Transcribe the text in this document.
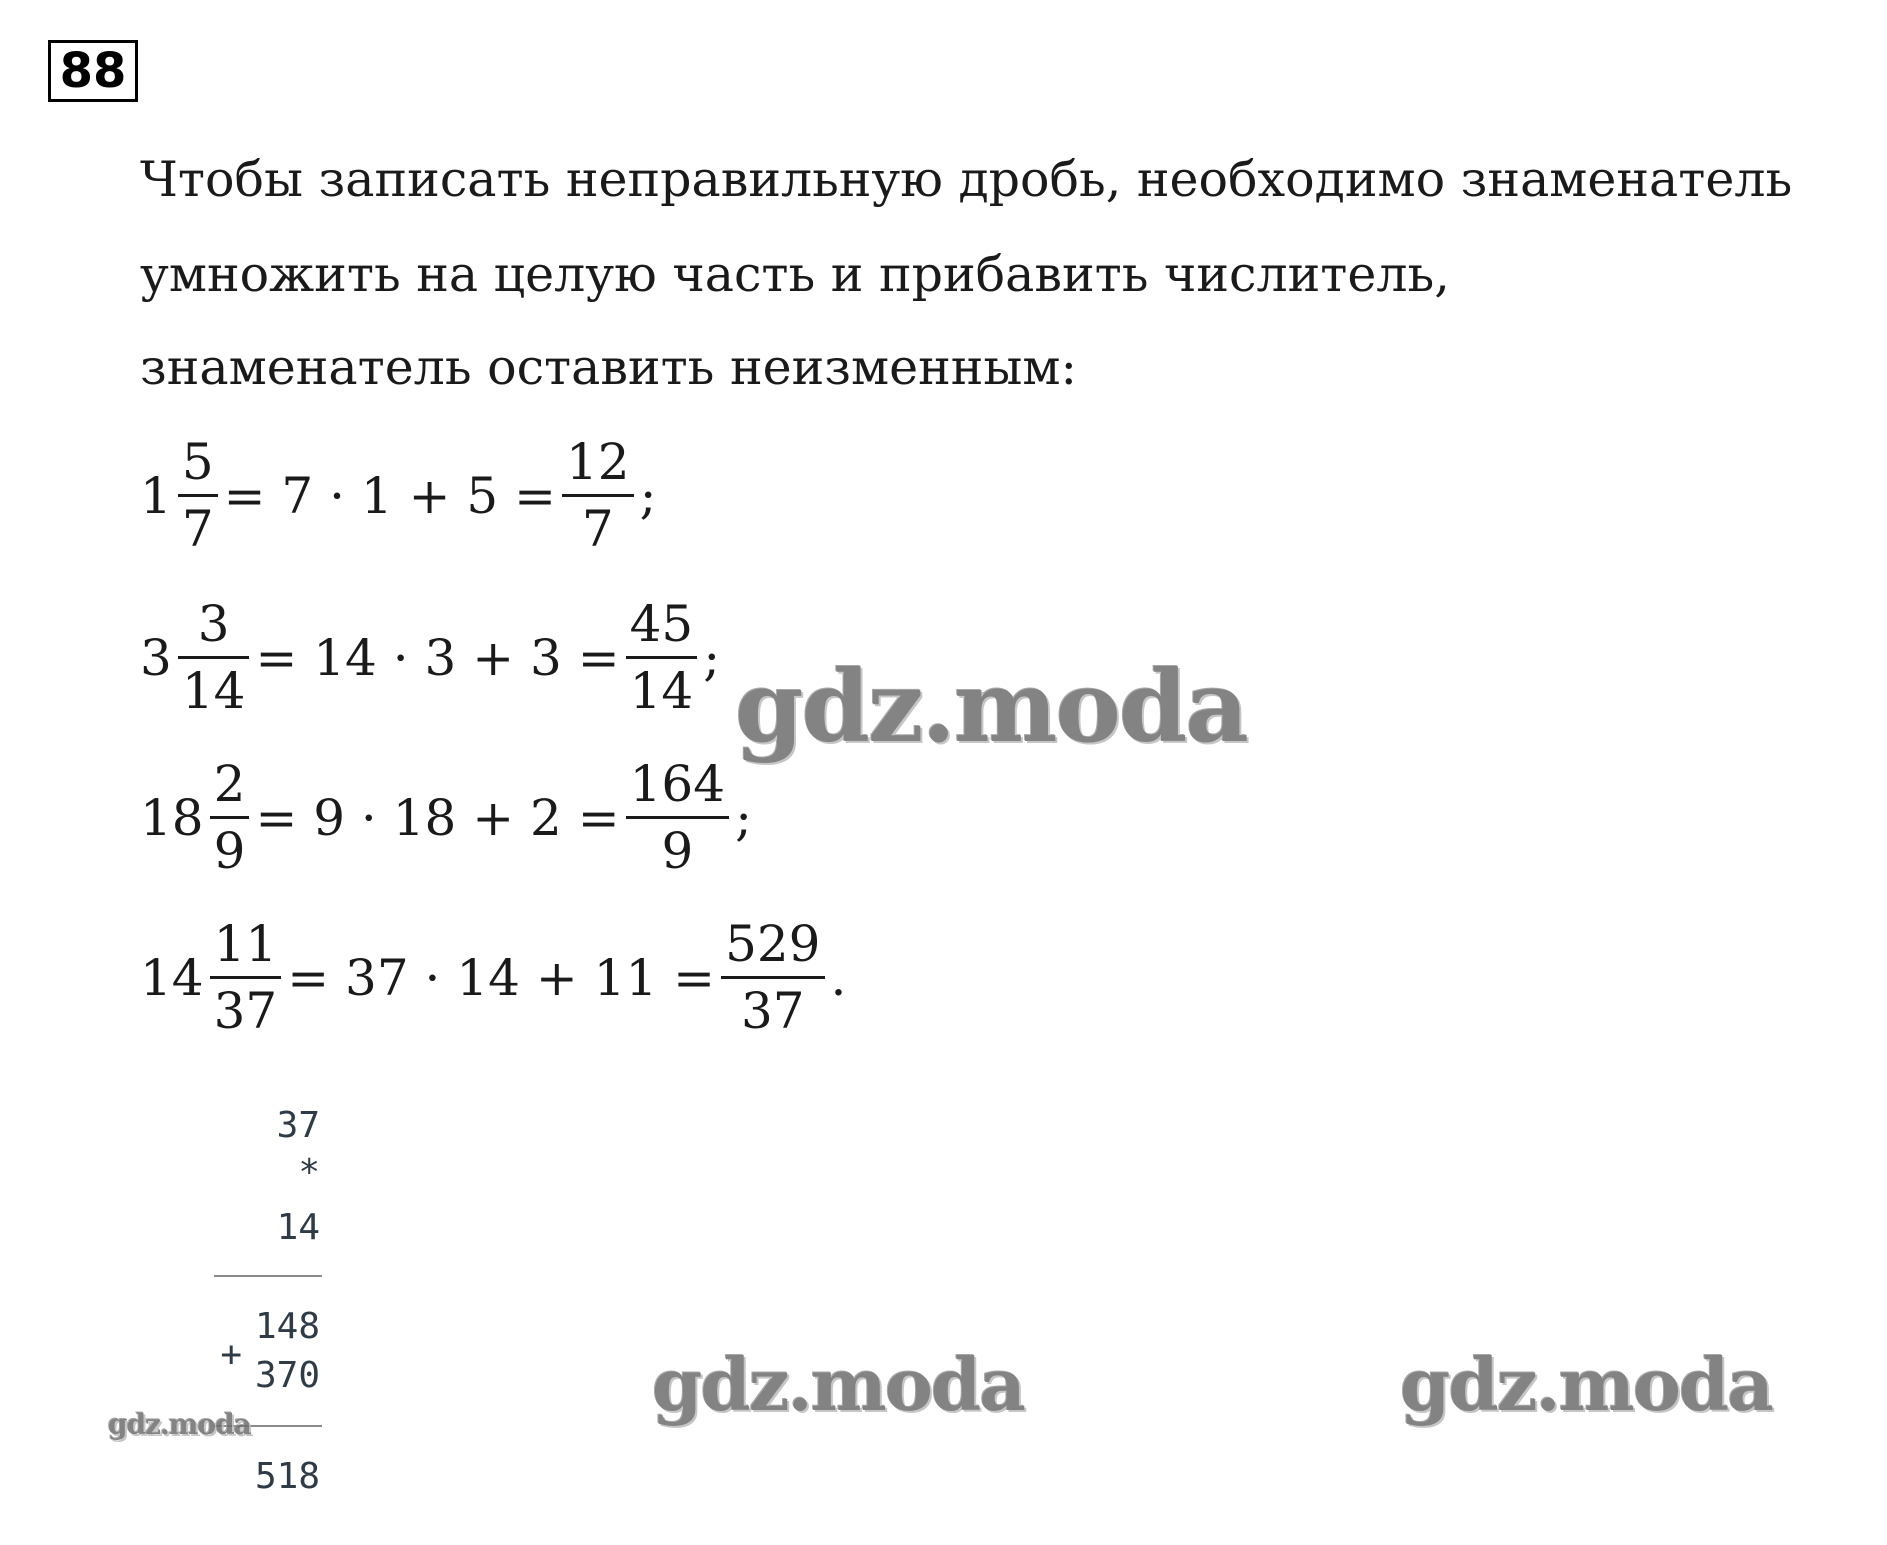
88
Чтобы записать неправильную дробь, необходимо знаменатель
умножить на целую часть и прибавить числитель,
знаменатель оставить неизменным:
$1 \frac{5}{7} = 7 \cdot 1 + 5 = \frac{12}{7}$ ;
$3 \frac{3}{14} = 14 \cdot 3 + 3 = \frac{45}{14}$ ;
$18 \frac{2}{9} = 9 \cdot 18 + 2 = \frac{164}{9}$ ;
$14 \frac{11}{37} = 37 \cdot 14 + 11 = \frac{529}{37}$ .
37
*
14
148
+
370
518
gdz.moda
gdz.moda	gdz.moda
gdz.moda
